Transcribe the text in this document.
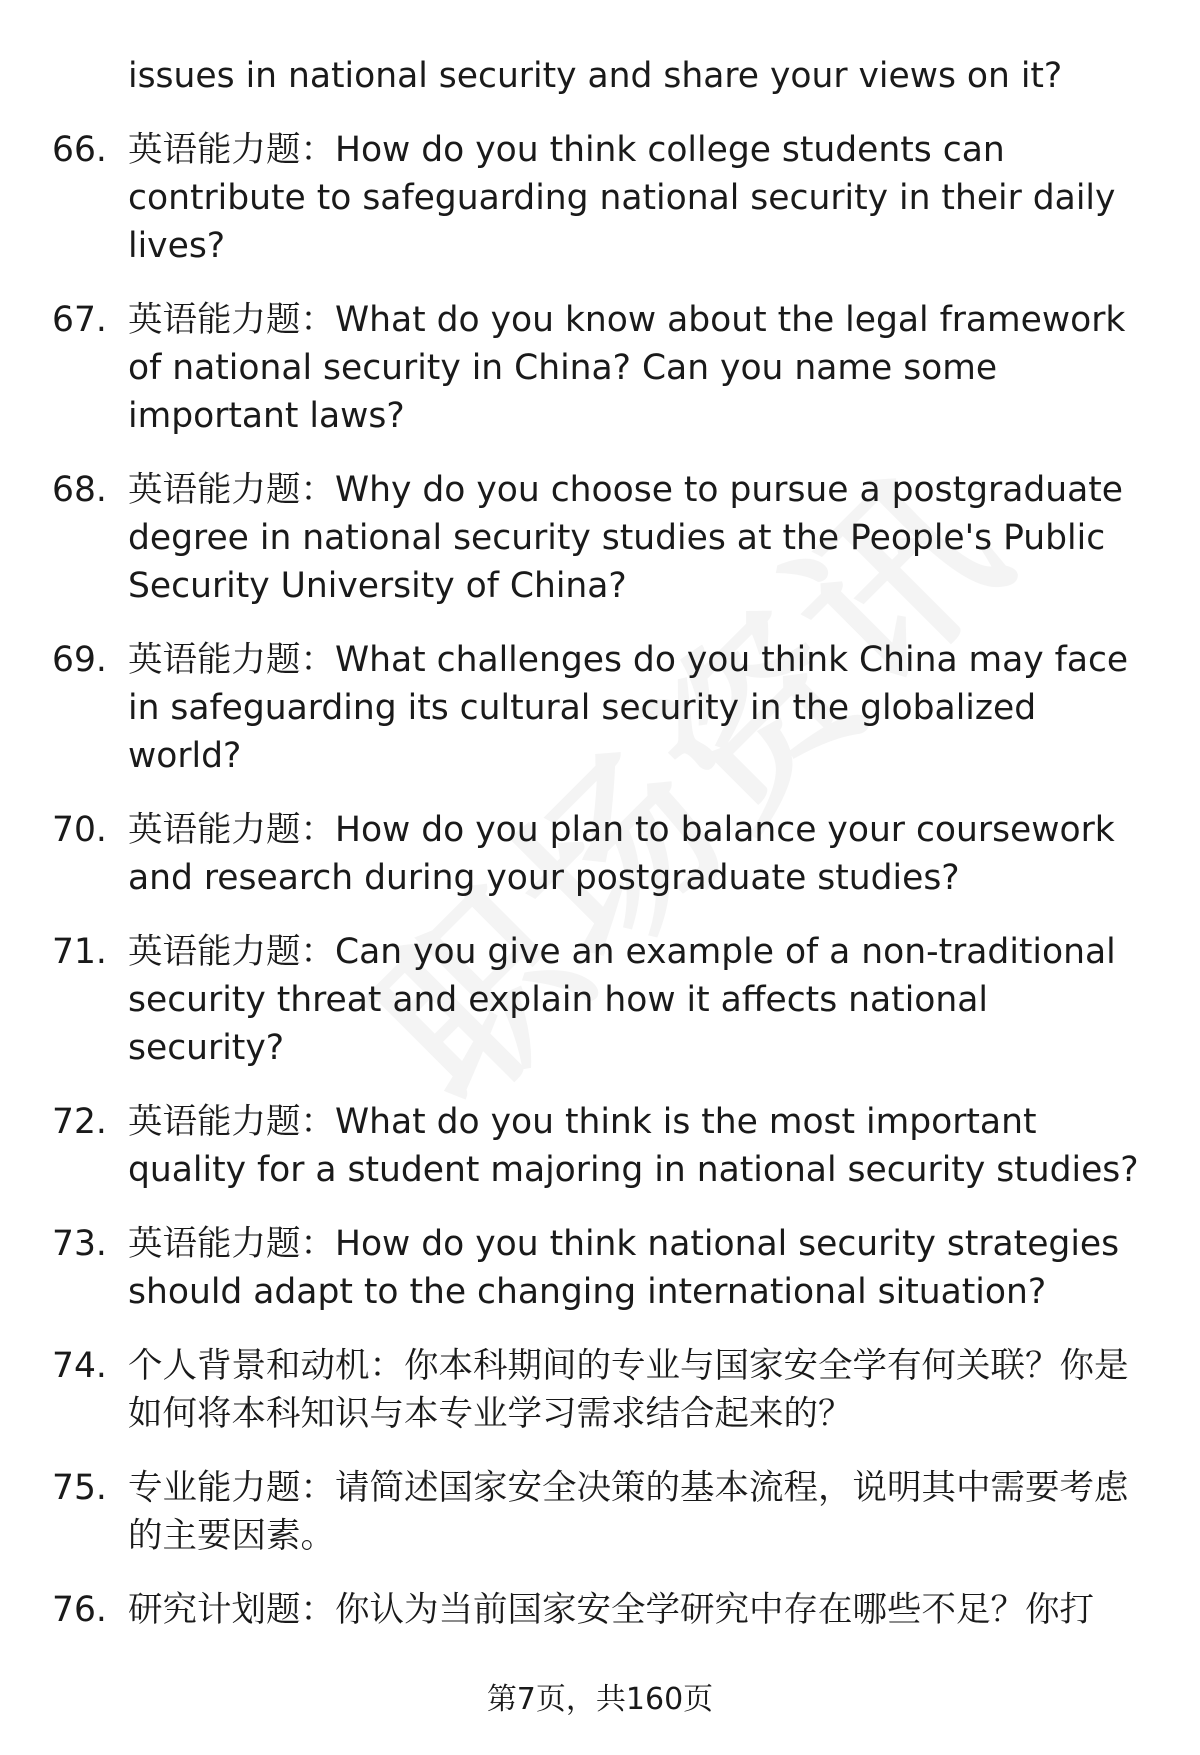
issues in national security and share your views on it?
66. 英语能力题：How do you think college students can contribute to safeguarding national security in their daily lives?
67. 英语能力题：What do you know about the legal framework of national security in China? Can you name some important laws?
68. 英语能力题：Why do you choose to pursue a postgraduate degree in national security studies at the People's Public Security University of China?
69. 英语能力题：What challenges do you think China may face in safeguarding its cultural security in the globalized world?
70. 英语能力题：How do you plan to balance your coursework and research during your postgraduate studies?
71. 英语能力题：Can you give an example of a non-traditional security threat and explain how it affects national security?
72. 英语能力题：What do you think is the most important quality for a student majoring in national security studies?
73. 英语能力题：How do you think national security strategies should adapt to the changing international situation?
74. 个人背景和动机：你本科期间的专业与国家安全学有何关联？你是如何将本科知识与本专业学习需求结合起来的？
75. 专业能力题：请简述国家安全决策的基本流程，说明其中需要考虑的主要因素。
76. 研究计划题：你认为当前国家安全学研究中存在哪些不足？你打
第7页，共160页
